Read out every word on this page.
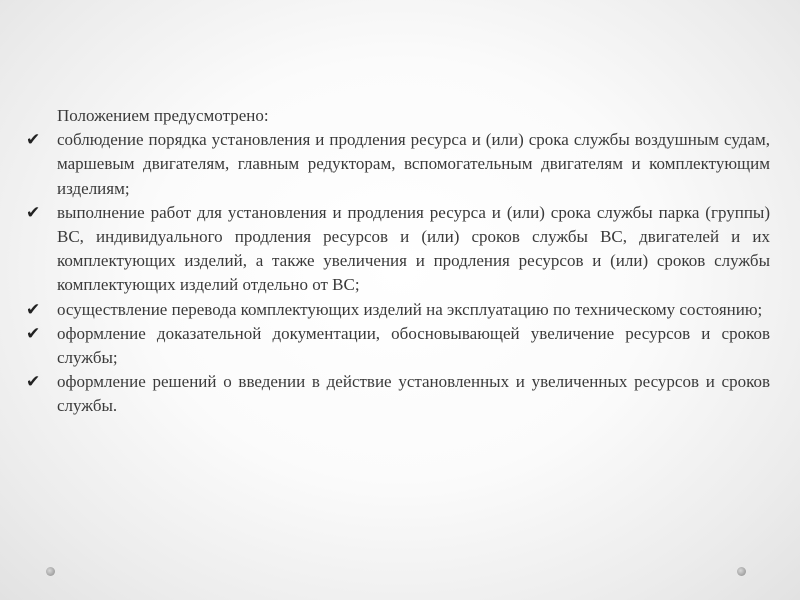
Положением предусмотрено:

✔ соблюдение порядка установления и продления ресурса и (или) срока службы воздушным судам, маршевым двигателям, главным редукторам, вспомогательным двигателям и комплектующим изделиям;
✔ выполнение работ для установления и продления ресурса и (или) срока службы парка (группы) ВС, индивидуального продления ресурсов и (или) сроков службы ВС, двигателей и их комплектующих изделий, а также увеличения и продления ресурсов и (или) сроков службы комплектующих изделий отдельно от ВС;
✔ осуществление перевода комплектующих изделий на эксплуатацию по техническому состоянию;
✔ оформление доказательной документации, обосновывающей увеличение ресурсов и сроков службы;
✔ оформление решений о введении в действие установленных и увеличенных ресурсов и сроков службы.
